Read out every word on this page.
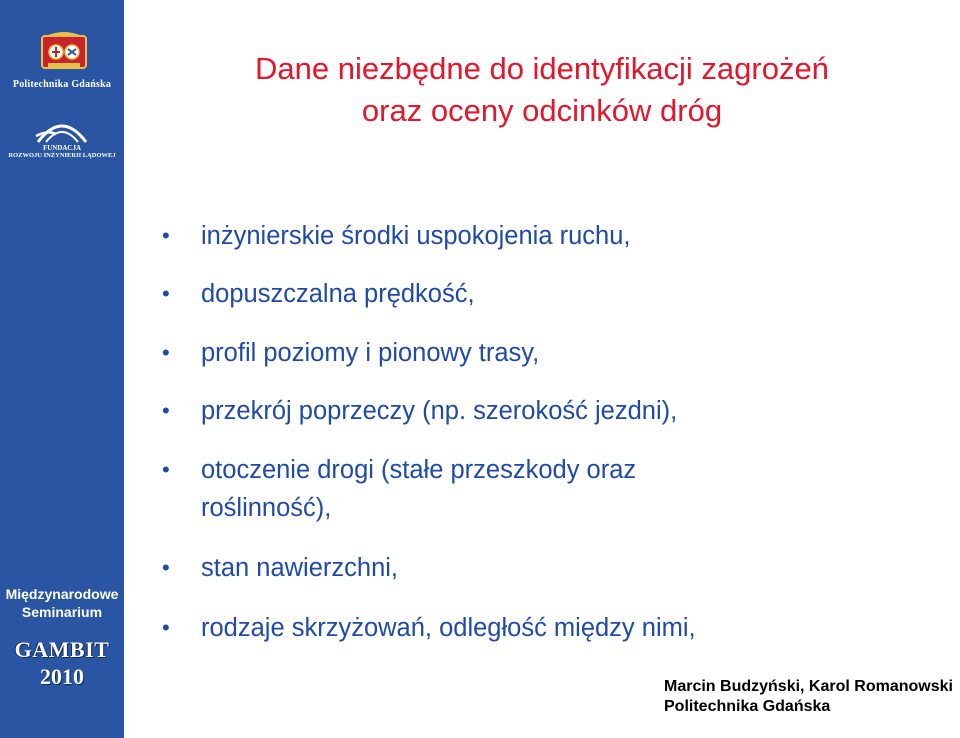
Politechnika Gdańska
FUNDACJA
ROZWOJU INŻYNIERII LĄDOWEJ
Międzynarodowe
Seminarium
GAMBIT
2010
Dane niezbędne do identyfikacji zagrożeń
oraz oceny odcinków dróg
• inżynierskie środki uspokojenia ruchu,
• dopuszczalna prędkość,
• profil poziomy i pionowy trasy,
• przekrój poprzeczy (np. szerokość jezdni),
• otoczenie drogi (stałe przeszkody oraz
roślinność),
• stan nawierzchni,
• rodzaje skrzyżowań, odległość między nimi,
Marcin Budzyński, Karol Romanowski
Politechnika Gdańska
